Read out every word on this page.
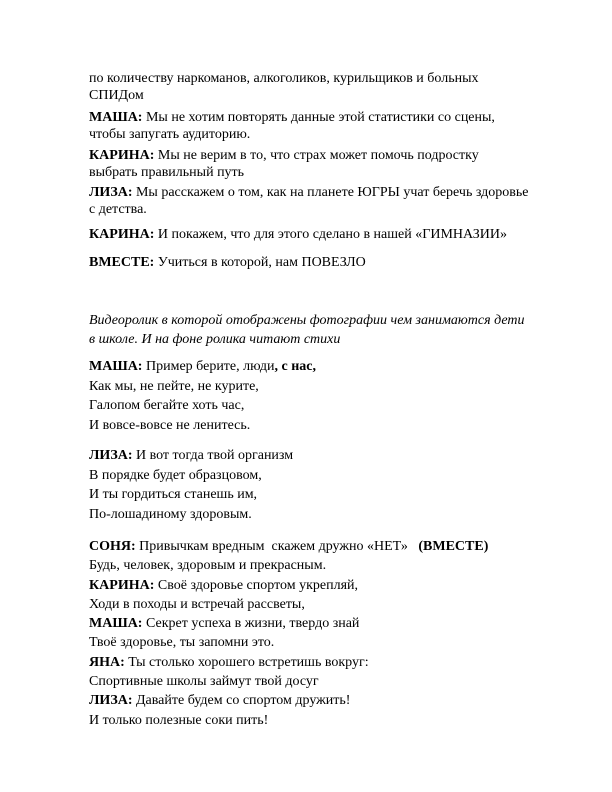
по количеству наркоманов, алкоголиков, курильщиков и больных СПИДом

МАША: Мы не хотим повторять данные этой статистики со сцены, чтобы запугать аудиторию.

КАРИНА: Мы не верим в то, что страх может помочь подростку выбрать правильный путь

ЛИЗА: Мы расскажем о том, как на планете ЮГРЫ учат беречь здоровье с детства.

КАРИНА: И покажем, что для этого сделано в нашей «ГИМНАЗИИ»

ВМЕСТЕ: Учиться в которой, нам ПОВЕЗЛО

Видеоролик в которой отображены фотографии чем занимаются дети в школе. И на фоне ролика читают стихи

МАША: Пример берите, люди, с нас,
Как мы, не пейте, не курите,
Галопом бегайте хоть час,
И вовсе-вовсе не ленитесь.
ЛИЗА: И вот тогда твой организм
В порядке будет образцовом,
И ты гордиться станешь им,
По-лошадиному здоровым.
СОНЯ: Привычкам вредным  скажем дружно «НЕТ»   (ВМЕСТЕ)
Будь, человек, здоровым и прекрасным.
КАРИНА: Своё здоровье спортом укрепляй,
Ходи в походы и встречай рассветы,
МАША: Секрет успеха в жизни, твердо знай
Твоё здоровье, ты запомни это.
ЯНА: Ты столько хорошего встретишь вокруг:
Спортивные школы займут твой досуг
ЛИЗА: Давайте будем со спортом дружить!
И только полезные соки пить!
